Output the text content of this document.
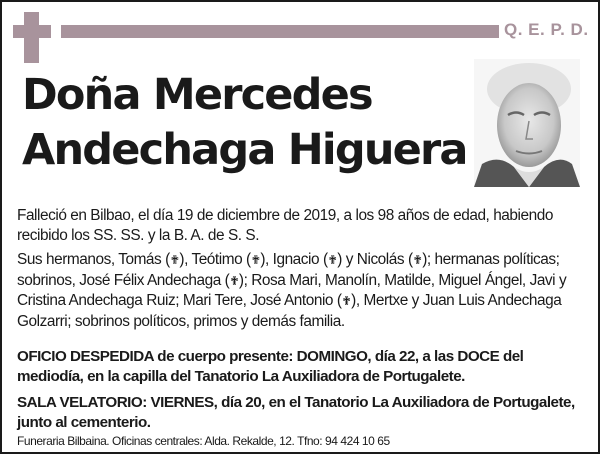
Q. E. P. D.
Doña Mercedes
Andechaga Higuera

Falleció en Bilbao, el día 19 de diciembre de 2019, a los 98 años de edad, habiendo recibido los SS. SS. y la B. A. de S. S.

Sus hermanos, Tomás (✟), Teótimo (✟), Ignacio (✟) y Nicolás (✟); hermanas políticas; sobrinos, José Félix Andechaga (✟); Rosa Mari, Manolín, Matilde, Miguel Ángel, Javi y Cristina Andechaga Ruiz; Mari Tere, José Antonio (✟), Mertxe y Juan Luis Andechaga Golzarri; sobrinos políticos, primos y demás familia.

OFICIO DESPEDIDA de cuerpo presente: DOMINGO, día 22, a las DOCE del mediodía, en la capilla del Tanatorio La Auxiliadora de Portugalete.
SALA VELATORIO: VIERNES, día 20, en el Tanatorio La Auxiliadora de Portugalete, junto al cementerio.
Funeraria Bilbaina. Oficinas centrales: Alda. Rekalde, 12. Tfno: 94 424 10 65
